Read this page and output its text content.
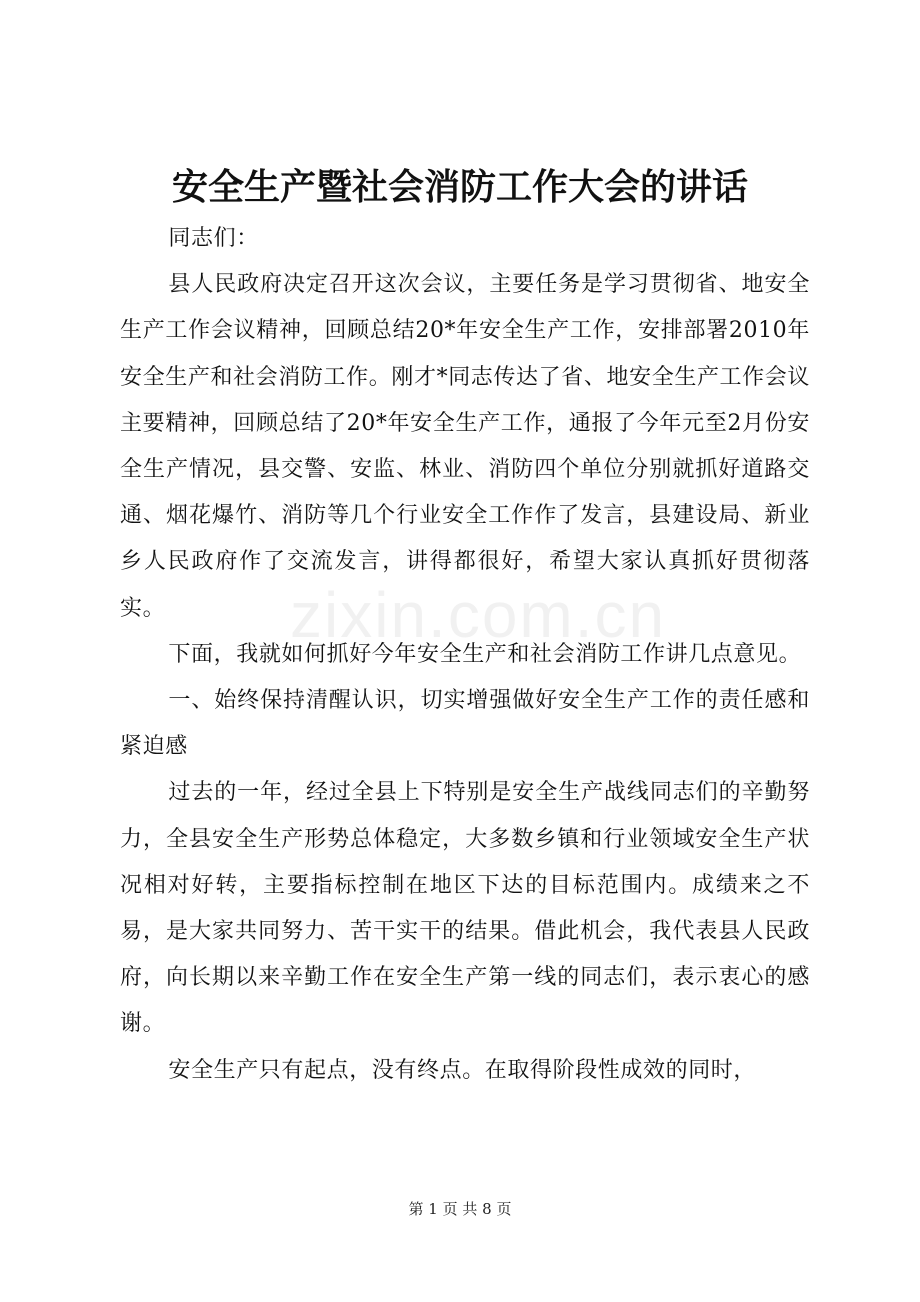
安全生产暨社会消防工作大会的讲话

同志们：

县人民政府决定召开这次会议，主要任务是学习贯彻省、地安全生产工作会议精神，回顾总结20*年安全生产工作，安排部署2010年安全生产和社会消防工作。刚才*同志传达了省、地安全生产工作会议主要精神，回顾总结了20*年安全生产工作，通报了今年元至2月份安全生产情况，县交警、安监、林业、消防四个单位分别就抓好道路交通、烟花爆竹、消防等几个行业安全工作作了发言，县建设局、新业乡人民政府作了交流发言，讲得都很好，希望大家认真抓好贯彻落实。

下面，我就如何抓好今年安全生产和社会消防工作讲几点意见。

一、始终保持清醒认识，切实增强做好安全生产工作的责任感和紧迫感

过去的一年，经过全县上下特别是安全生产战线同志们的辛勤努力，全县安全生产形势总体稳定，大多数乡镇和行业领域安全生产状况相对好转，主要指标控制在地区下达的目标范围内。成绩来之不易，是大家共同努力、苦干实干的结果。借此机会，我代表县人民政府，向长期以来辛勤工作在安全生产第一线的同志们，表示衷心的感谢。

安全生产只有起点，没有终点。在取得阶段性成效的同时，

zixin.com.cn
第 1 页 共 8 页
